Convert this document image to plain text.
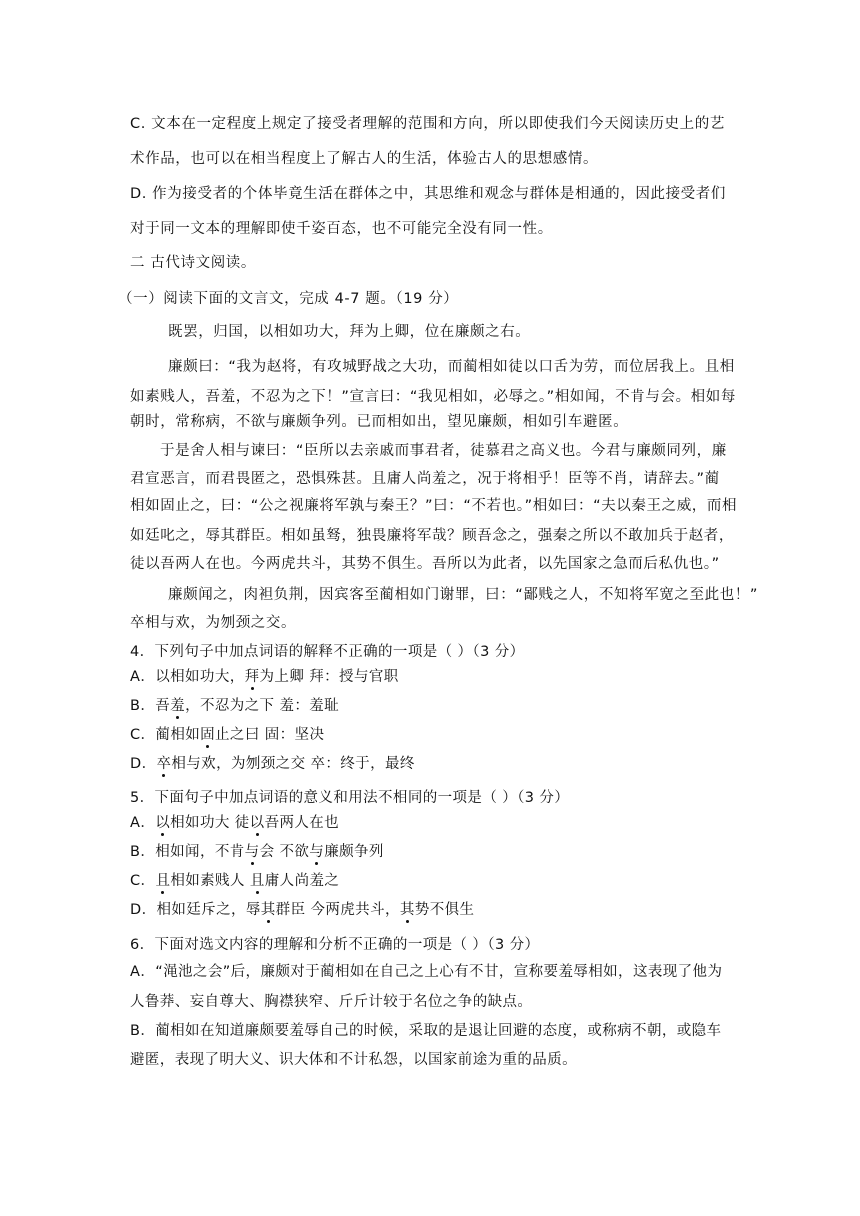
C. 文本在一定程度上规定了接受者理解的范围和方向，所以即使我们今天阅读历史上的艺
术作品，也可以在相当程度上了解古人的生活，体验古人的思想感情。
D. 作为接受者的个体毕竟生活在群体之中，其思维和观念与群体是相通的，因此接受者们
对于同一文本的理解即使千姿百态，也不可能完全没有同一性。
二 古代诗文阅读。
（一）阅读下面的文言文，完成 4-7 题。（19 分）
既罢，归国，以相如功大，拜为上卿，位在廉颇之右。
廉颇曰：“我为赵将，有攻城野战之大功，而蔺相如徒以口舌为劳，而位居我上。且相
如素贱人，吾羞，不忍为之下！”宣言曰：“我见相如，必辱之。”相如闻，不肯与会。相如每
朝时，常称病，不欲与廉颇争列。已而相如出，望见廉颇，相如引车避匿。
于是舍人相与谏曰：“臣所以去亲戚而事君者，徒慕君之高义也。今君与廉颇同列，廉
君宣恶言，而君畏匿之，恐惧殊甚。且庸人尚羞之，况于将相乎！臣等不肖，请辞去。”蔺
相如固止之，曰：“公之视廉将军孰与秦王？”曰：“不若也。”相如曰：“夫以秦王之威，而相
如廷叱之，辱其群臣。相如虽驽，独畏廉将军哉？顾吾念之，强秦之所以不敢加兵于赵者，
徒以吾两人在也。今两虎共斗，其势不俱生。吾所以为此者，以先国家之急而后私仇也。”
廉颇闻之，肉袒负荆，因宾客至蔺相如门谢罪，曰：“鄙贱之人，不知将军宽之至此也！”
卒相与欢，为刎颈之交。
4．下列句子中加点词语的解释不正确的一项是（ ）（3 分）
A．以相如功大，拜为上卿 拜：授与官职
B．吾羞，不忍为之下 羞：羞耻
C．蔺相如固止之曰 固：坚决
D．卒相与欢，为刎颈之交 卒：终于，最终
5．下面句子中加点词语的意义和用法不相同的一项是（ ）（3 分）
A．以相如功大 徒以吾两人在也
B．相如闻，不肯与会 不欲与廉颇争列
C．且相如素贱人 且庸人尚羞之
D．相如廷斥之，辱其群臣 今两虎共斗，其势不俱生
6．下面对选文内容的理解和分析不正确的一项是（ ）（3 分）
A．“渑池之会”后，廉颇对于蔺相如在自己之上心有不甘，宣称要羞辱相如，这表现了他为
人鲁莽、妄自尊大、胸襟狭窄、斤斤计较于名位之争的缺点。
B．蔺相如在知道廉颇要羞辱自己的时候，采取的是退让回避的态度，或称病不朝，或隐车
避匿，表现了明大义、识大体和不计私怨，以国家前途为重的品质。
